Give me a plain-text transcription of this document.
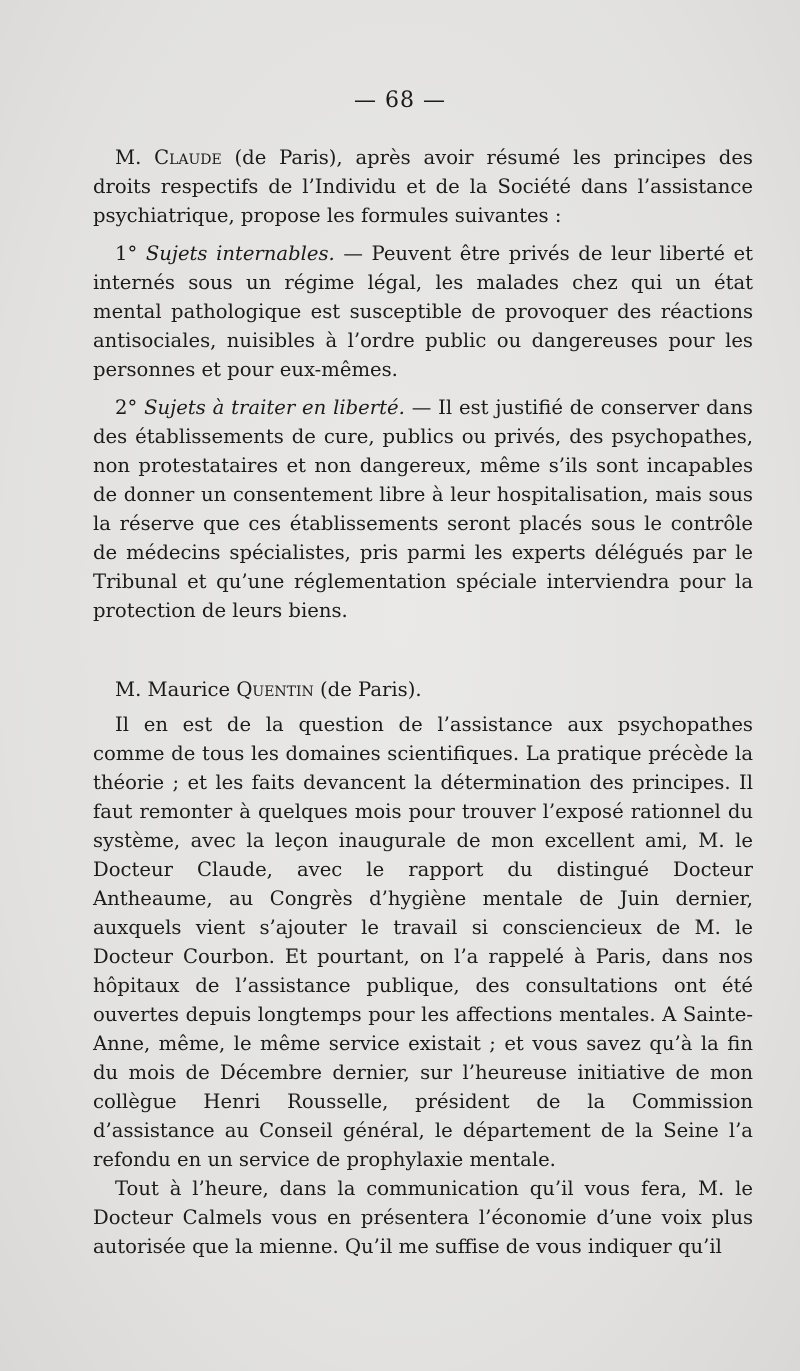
— 68 —

M. Claude (de Paris), après avoir résumé les principes des droits respectifs de l’Individu et de la Société dans l’assistance psychiatrique, propose les formules suivantes :

1° Sujets internables. — Peuvent être privés de leur liberté et internés sous un régime légal, les malades chez qui un état mental pathologique est susceptible de provoquer des réactions antisociales, nuisibles à l’ordre public ou dangereuses pour les personnes et pour eux-mêmes.

2° Sujets à traiter en liberté. — Il est justifié de conserver dans des établissements de cure, publics ou privés, des psychopathes, non protestataires et non dangereux, même s’ils sont incapables de donner un consentement libre à leur hospitalisation, mais sous la réserve que ces établissements seront placés sous le contrôle de médecins spécialistes, pris parmi les experts délégués par le Tribunal et qu’une réglementation spéciale interviendra pour la protection de leurs biens.

M. Maurice Quentin (de Paris).

Il en est de la question de l’assistance aux psychopathes comme de tous les domaines scientifiques. La pratique précède la théorie ; et les faits devancent la détermination des principes. Il faut remonter à quelques mois pour trouver l’exposé rationnel du système, avec la leçon inaugurale de mon excellent ami, M. le Docteur Claude, avec le rapport du distingué Docteur Antheaume, au Congrès d’hygiène mentale de Juin dernier, auxquels vient s’ajouter le travail si consciencieux de M. le Docteur Courbon. Et pourtant, on l’a rappelé à Paris, dans nos hôpitaux de l’assistance publique, des consultations ont été ouvertes depuis longtemps pour les affections mentales. A Sainte-Anne, même, le même service existait ; et vous savez qu’à la fin du mois de Décembre dernier, sur l’heureuse initiative de mon collègue Henri Rousselle, président de la Commission d’assistance au Conseil général, le département de la Seine l’a refondu en un service de prophylaxie mentale.

Tout à l’heure, dans la communication qu’il vous fera, M. le Docteur Calmels vous en présentera l’économie d’une voix plus autorisée que la mienne. Qu’il me suffise de vous indiquer qu’il
